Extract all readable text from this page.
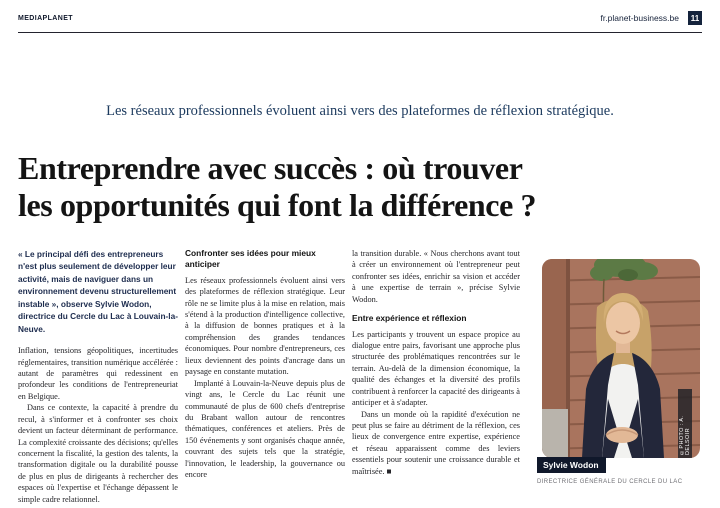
MEDIAPLANET	fr.planet-business.be	11
Les réseaux professionnels évoluent ainsi vers des plateformes de réflexion stratégique.
Entreprendre avec succès : où trouver
les opportunités qui font la différence ?

« Le principal défi des entrepreneurs n'est plus seulement de développer leur activité, mais de naviguer dans un environnement devenu structurellement instable », observe Sylvie Wodon, directrice du Cercle du Lac à Louvain-la-Neuve.

Inflation, tensions géopolitiques, incertitudes réglementaires, transition numérique accélérée : autant de paramètres qui redessinent en profondeur les conditions de l'entrepreneuriat en Belgique.

Dans ce contexte, la capacité à prendre du recul, à s'informer et à confronter ses choix devient un facteur déterminant de performance. La complexité croissante des décisions; qu'elles concernent la fiscalité, la gestion des talents, la transformation digitale ou la durabilité pousse de plus en plus de dirigeants à rechercher des espaces où l'expertise et l'échange dépassent le simple cadre relationnel.

Confronter ses idées pour mieux anticiper

Les réseaux professionnels évoluent ainsi vers des plateformes de réflexion stratégique. Leur rôle ne se limite plus à la mise en relation, mais s'étend à la production d'intelligence collective, à la diffusion de bonnes pratiques et à la compréhension des grandes tendances économiques. Pour nombre d'entrepreneurs, ces lieux deviennent des points d'ancrage dans un paysage en constante mutation.

Implanté à Louvain-la-Neuve depuis plus de vingt ans, le Cercle du Lac réunit une communauté de plus de 600 chefs d'entreprise du Brabant wallon autour de rencontres thématiques, conférences et ateliers. Près de 150 événements y sont organisés chaque année, couvrant des sujets tels que la stratégie, l'innovation, le leadership, la gouvernance ou encore

la transition durable. « Nous cherchons avant tout à créer un environnement où l'entrepreneur peut confronter ses idées, enrichir sa vision et accéder à une expertise de terrain », précise Sylvie Wodon.

Entre expérience et réflexion

Les participants y trouvent un espace propice au dialogue entre pairs, favorisant une approche plus structurée des problématiques rencontrées sur le terrain. Au-delà de la dimension économique, la qualité des échanges et la diversité des profils contribuent à renforcer la capacité des dirigeants à anticiper et à s'adapter.

Dans un monde où la rapidité d'exécution ne peut plus se faire au détriment de la réflexion, ces lieux de convergence entre expertise, expérience et réseau apparaissent comme des leviers essentiels pour soutenir une croissance durable et maîtrisée. ■

©PHOTO : A. DELSOIR
Sylvie Wodon
DIRECTRICE GÉNÉRALE DU CERCLE DU LAC
